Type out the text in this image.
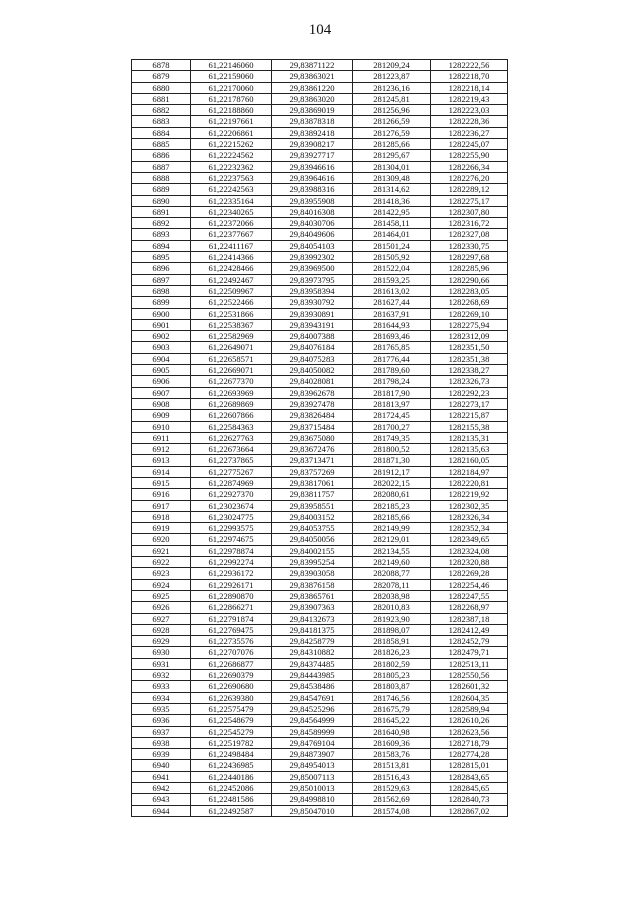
104
6878	61,22146060	29,83871122	281209,24	1282222,56
6879	61,22159060	29,83863021	281223,87	1282218,70
6880	61,22170060	29,83861220	281236,16	1282218,14
6881	61,22178760	29,83863020	281245,81	1282219,43
6882	61,22188860	29,83869019	281256,96	1282223,03
6883	61,22197661	29,83878318	281266,59	1282228,36
6884	61,22206861	29,83892418	281276,59	1282236,27
6885	61,22215262	29,83908217	281285,66	1282245,07
6886	61,22224562	29,83927717	281295,67	1282255,90
6887	61,22232362	29,83946616	281304,01	1282266,34
6888	61,22237563	29,83964616	281309,48	1282276,20
6889	61,22242563	29,83988316	281314,62	1282289,12
6890	61,22335164	29,83955908	281418,36	1282275,17
6891	61,22340265	29,84016308	281422,95	1282307,80
6892	61,22372066	29,84030706	281458,11	1282316,72
6893	61,22377667	29,84049606	281464,01	1282327,08
6894	61,22411167	29,84054103	281501,24	1282330,75
6895	61,22414366	29,83992302	281505,92	1282297,68
6896	61,22428466	29,83969500	281522,04	1282285,96
6897	61,22492467	29,83973795	281593,25	1282290,66
6898	61,22509967	29,83958394	281613,02	1282283,05
6899	61,22522466	29,83930792	281627,44	1282268,69
6900	61,22531866	29,83930891	281637,91	1282269,10
6901	61,22538367	29,83943191	281644,93	1282275,94
6902	61,22582969	29,84007388	281693,46	1282312,09
6903	61,22649071	29,84076184	281765,85	1282351,50
6904	61,22658571	29,84075283	281776,44	1282351,38
6905	61,22669071	29,84050082	281789,60	1282338,27
6906	61,22677370	29,84028081	281798,24	1282326,73
6907	61,22693969	29,83962678	281817,90	1282292,23
6908	61,22689869	29,83927478	281813,97	1282273,17
6909	61,22607866	29,83826484	281724,45	1282215,87
6910	61,22584363	29,83715484	281700,27	1282155,38
6911	61,22627763	29,83675080	281749,35	1282135,31
6912	61,22673664	29,83672476	281800,52	1282135,63
6913	61,22737865	29,83713471	281871,30	1282160,05
6914	61,22775267	29,83757269	281912,17	1282184,97
6915	61,22874969	29,83817061	282022,15	1282220,81
6916	61,22927370	29,83811757	282080,61	1282219,92
6917	61,23023674	29,83958551	282185,23	1282302,35
6918	61,23024775	29,84003152	282185,66	1282326,34
6919	61,22993575	29,84053755	282149,99	1282352,34
6920	61,22974675	29,84050056	282129,01	1282349,65
6921	61,22978874	29,84002155	282134,55	1282324,08
6922	61,22992274	29,83995254	282149,60	1282320,88
6923	61,22936172	29,83903058	282088,77	1282269,28
6924	61,22926171	29,83876158	282078,11	1282254,46
6925	61,22890870	29,83865761	282038,98	1282247,55
6926	61,22866271	29,83907363	282010,83	1282268,97
6927	61,22791874	29,84132673	281923,90	1282387,18
6928	61,22769475	29,84181375	281898,07	1282412,49
6929	61,22735576	29,84258779	281858,91	1282452,79
6930	61,22707076	29,84310882	281826,23	1282479,71
6931	61,22686877	29,84374485	281802,59	1282513,11
6932	61,22690379	29,84443985	281805,23	1282550,56
6933	61,22690680	29,84538486	281803,87	1282601,32
6934	61,22639380	29,84547691	281746,56	1282604,35
6935	61,22575479	29,84525296	281675,79	1282589,94
6936	61,22548679	29,84564999	281645,22	1282610,26
6937	61,22545279	29,84589999	281640,98	1282623,56
6938	61,22519782	29,84769104	281609,36	1282718,79
6939	61,22498484	29,84873907	281583,76	1282774,28
6940	61,22436985	29,84954013	281513,81	1282815,01
6941	61,22440186	29,85007113	281516,43	1282843,65
6942	61,22452086	29,85010013	281529,63	1282845,65
6943	61,22481586	29,84998810	281562,69	1282840,73
6944	61,22492587	29,85047010	281574,08	1282867,02
